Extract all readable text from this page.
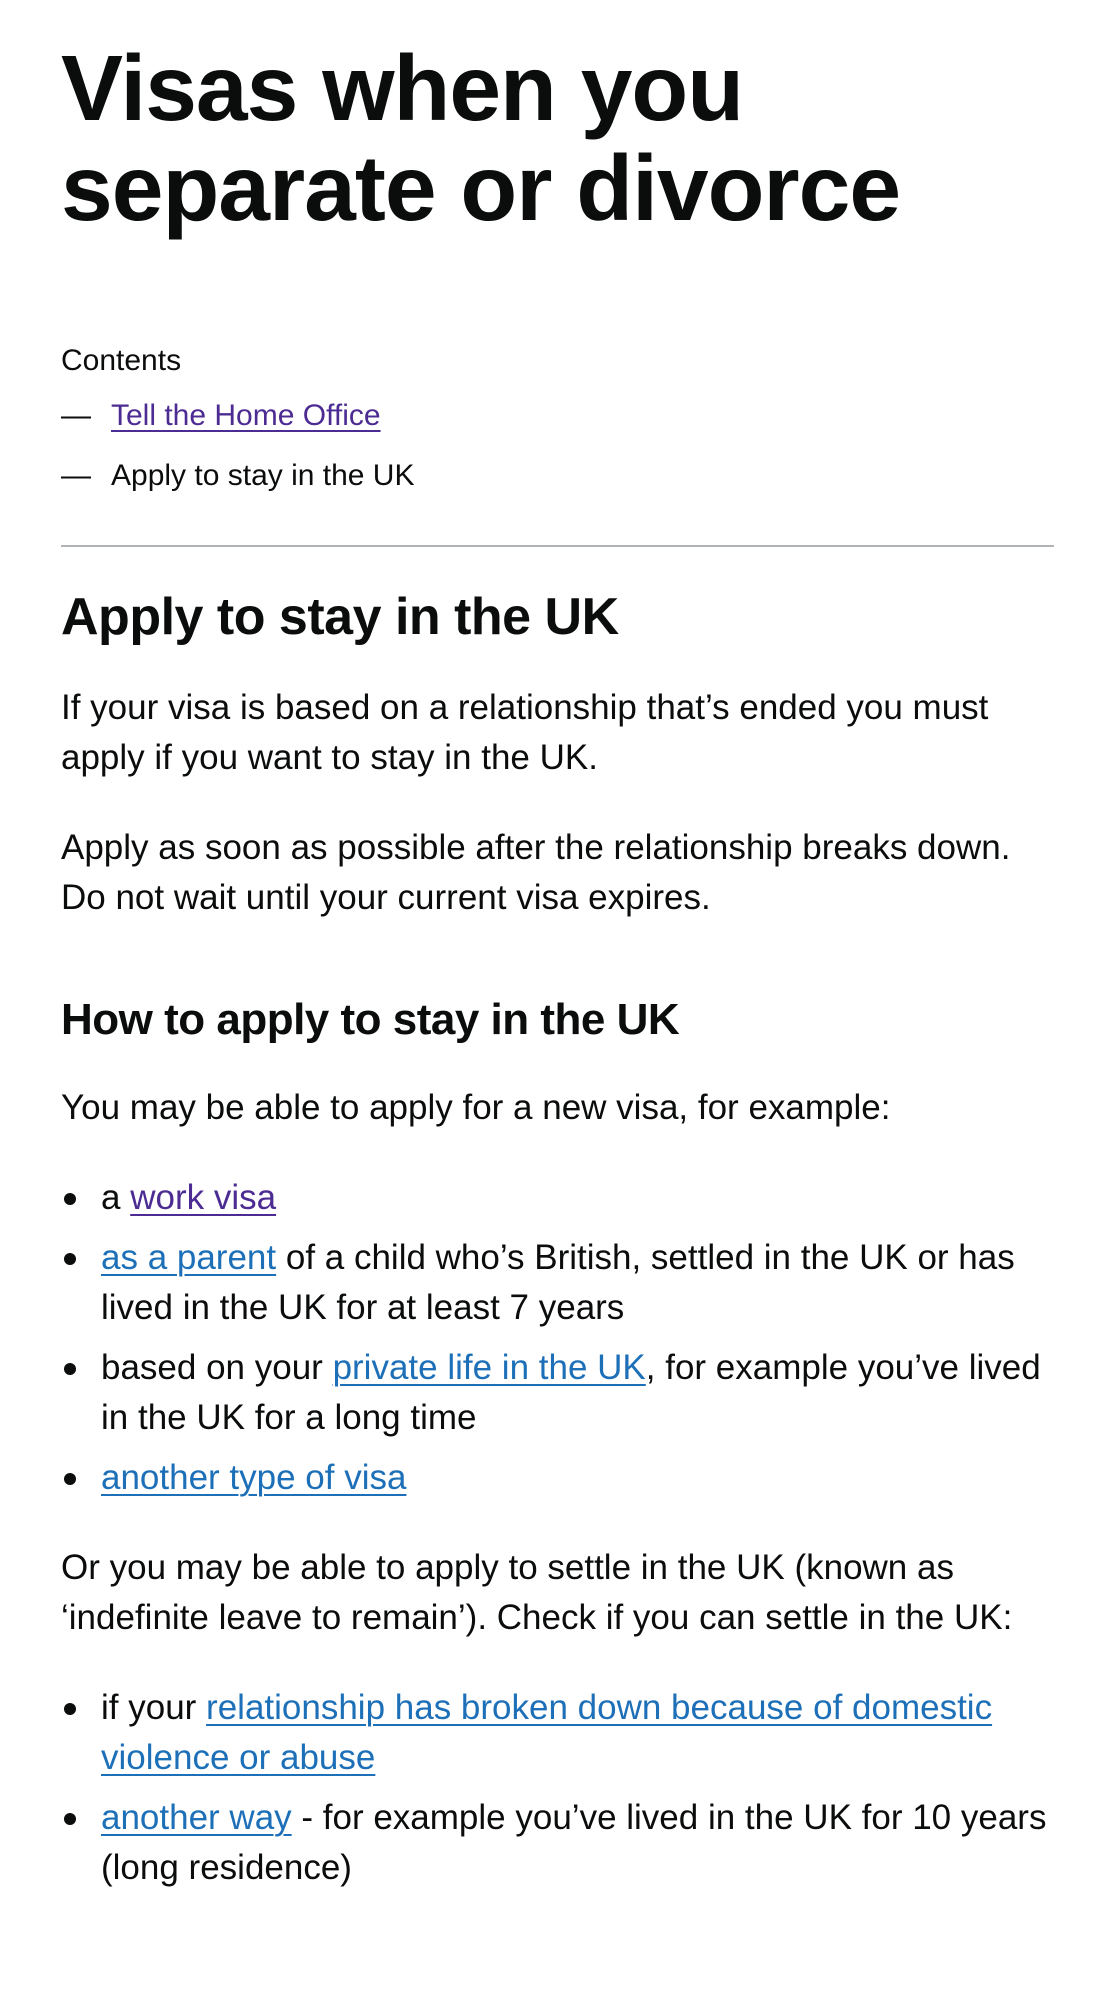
Visas when you separate or divorce

Contents

— Tell the Home Office
— Apply to stay in the UK
Apply to stay in the UK

If your visa is based on a relationship that’s ended you must apply if you want to stay in the UK.

Apply as soon as possible after the relationship breaks down. Do not wait until your current visa expires.

How to apply to stay in the UK

You may be able to apply for a new visa, for example:

a work visa
as a parent of a child who’s British, settled in the UK or has lived in the UK for at least 7 years
based on your private life in the UK, for example you’ve lived in the UK for a long time
another type of visa

Or you may be able to apply to settle in the UK (known as ‘indefinite leave to remain’). Check if you can settle in the UK:

if your relationship has broken down because of domestic violence or abuse
another way - for example you’ve lived in the UK for 10 years (long residence)
